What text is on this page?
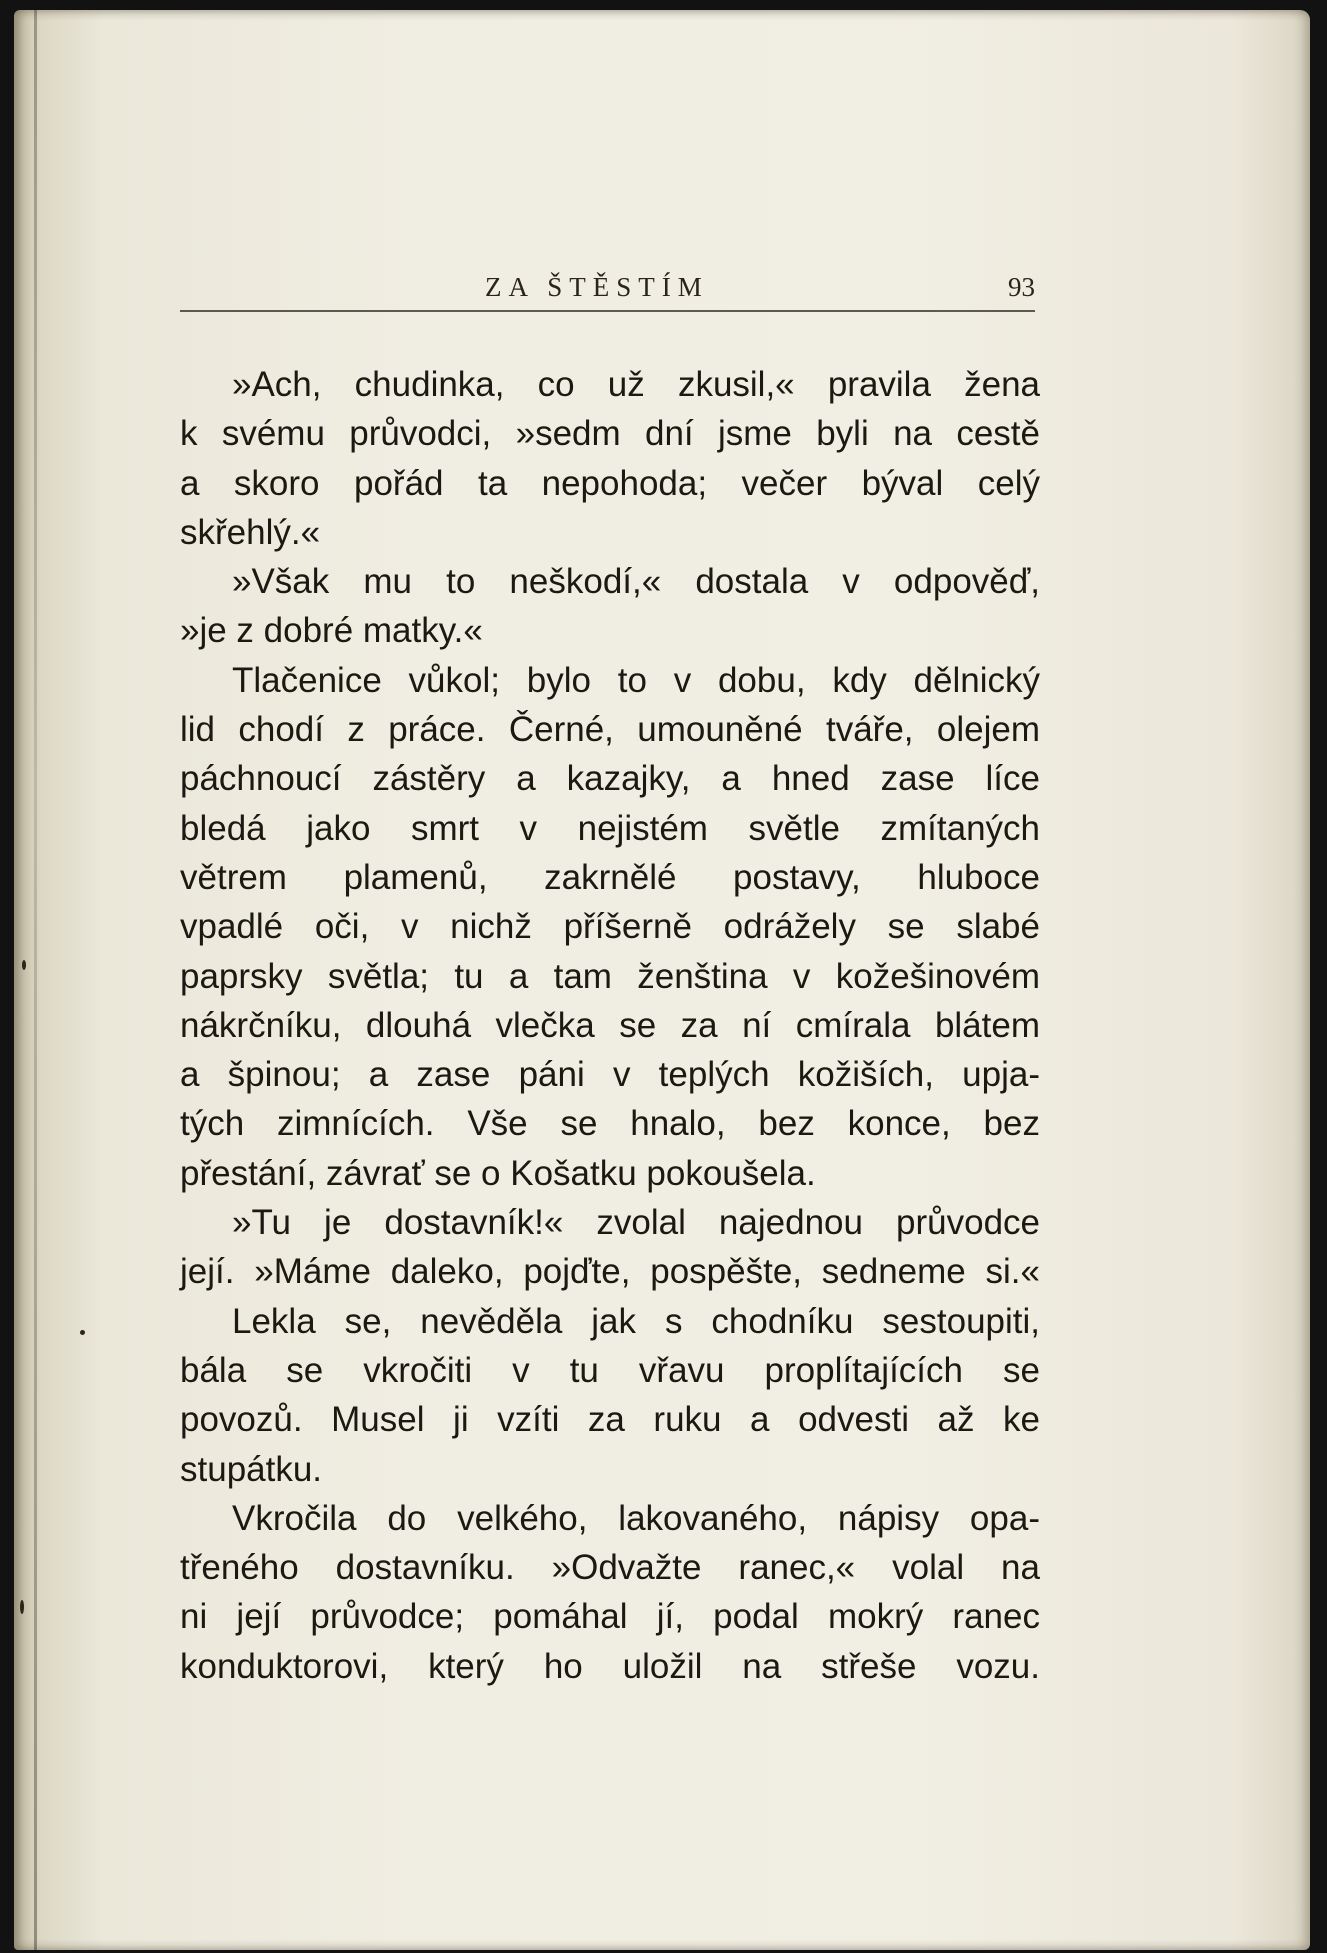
ZA ŠTĚSTÍM	93
»Ach, chudinka, co už zkusil,« pravila žena
k svému průvodci, »sedm dní jsme byli na cestě
a skoro pořád ta nepohoda; večer býval celý
skřehlý.«
»Však mu to neškodí,« dostala v odpověď,
»je z dobré matky.«
Tlačenice vůkol; bylo to v dobu, kdy dělnický
lid chodí z práce. Černé, umouněné tváře, olejem
páchnoucí zástěry a kazajky, a hned zase líce
bledá jako smrt v nejistém světle zmítaných
větrem plamenů, zakrnělé postavy, hluboce
vpadlé oči, v nichž příšerně odrážely se slabé
paprsky světla; tu a tam ženština v kožešinovém
nákrčníku, dlouhá vlečka se za ní cmírala blátem
a špinou; a zase páni v teplých kožiších, upja-
tých zimnících. Vše se hnalo, bez konce, bez
přestání, závrať se o Košatku pokoušela.
»Tu je dostavník!« zvolal najednou průvodce
její. »Máme daleko, pojďte, pospěšte, sedneme si.«
Lekla se, nevěděla jak s chodníku sestoupiti,
bála se vkročiti v tu vřavu proplítajících se
povozů. Musel ji vzíti za ruku a odvesti až ke
stupátku.
Vkročila do velkého, lakovaného, nápisy opa-
třeného dostavníku. »Odvažte ranec,« volal na
ni její průvodce; pomáhal jí, podal mokrý ranec
konduktorovi, který ho uložil na střeše vozu.
